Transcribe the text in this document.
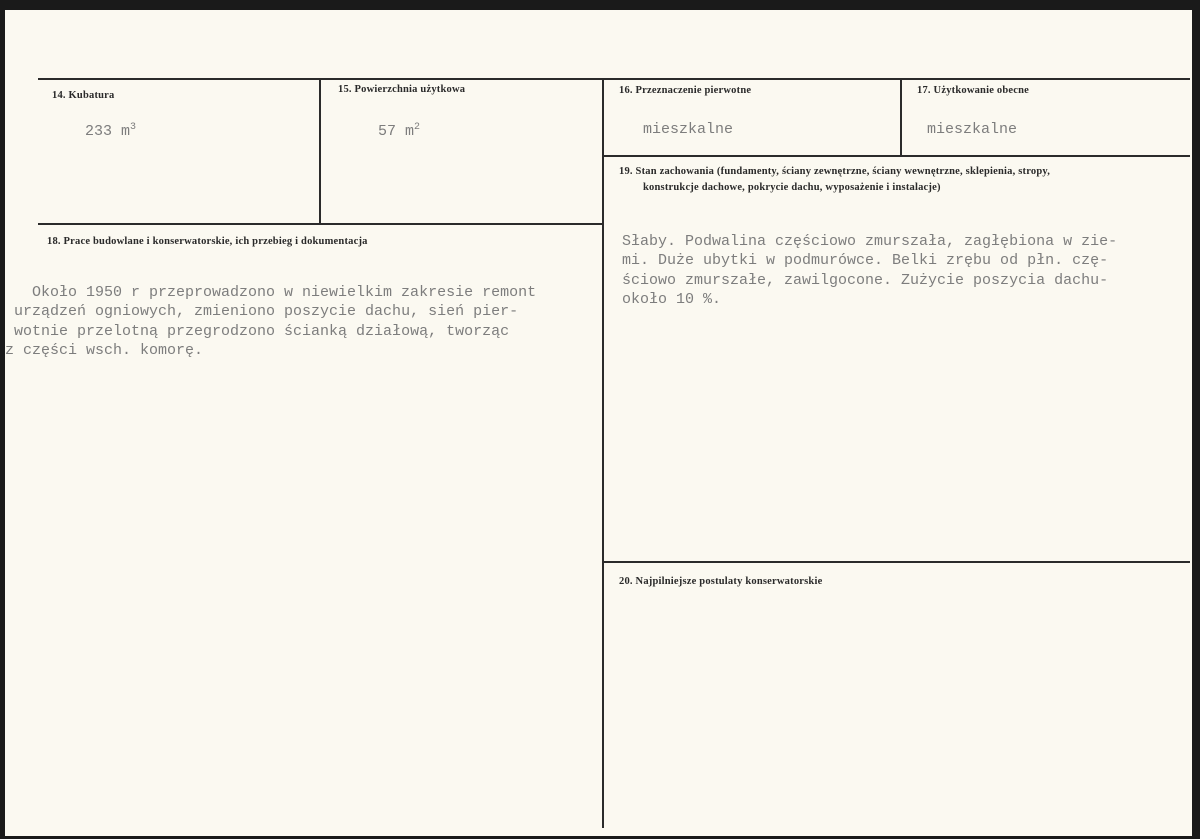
14. Kubatura
233 $m^3$
15. Powierzchnia użytkowa
57 $m^2$
16. Przeznaczenie pierwotne
mieszkalne
17. Użytkowanie obecne
mieszkalne
18. Prace budowlane i konserwatorskie, ich przebieg i dokumentacja

Około 1950 r przeprowadzono w niewielkim zakresie remont
urządzeń ogniowych, zmieniono poszycie dachu, sień pier-
wotnie przelotną przegrodzono ścianką działową, tworząc
z części wsch. komorę.
19. Stan zachowania (fundamenty, ściany zewnętrzne, ściany wewnętrzne, sklepienia, stropy,
konstrukcje dachowe, pokrycie dachu, wyposażenie i instalacje)

Słaby. Podwalina częściowo zmurszała, zagłębiona w zie-
mi. Duże ubytki w podmurówce. Belki zrębu od płn. czę-
ściowo zmurszałe, zawilgocone. Zużycie poszycia dachu-
około 10 %.
20. Najpilniejsze postulaty konserwatorskie
